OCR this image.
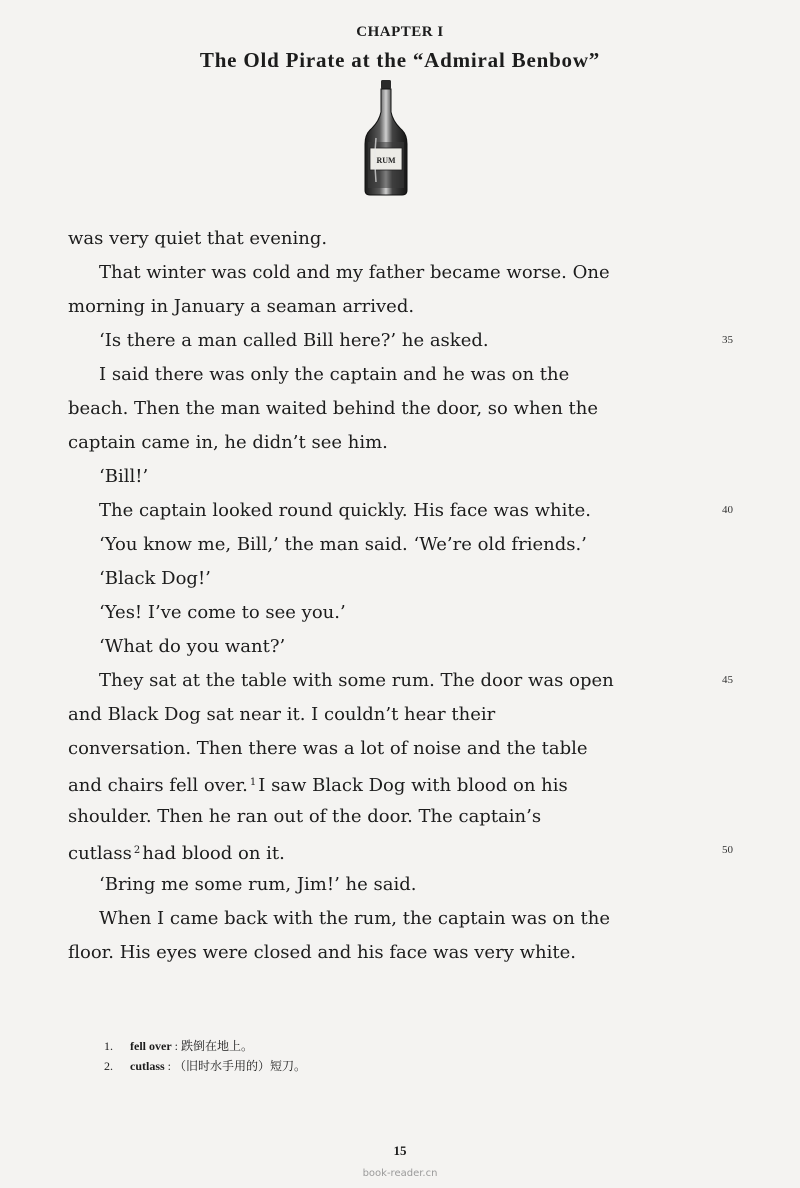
CHAPTER I
The Old Pirate at the “Admiral Benbow”
RUM
was very quiet that evening.
That winter was cold and my father became worse. One
morning in January a seaman arrived.
‘Is there a man called Bill here?’ he asked.
I said there was only the captain and he was on the
beach. Then the man waited behind the door, so when the
captain came in, he didn’t see him.
‘Bill!’
The captain looked round quickly. His face was white.
‘You know me, Bill,’ the man said. ‘We’re old friends.’
‘Black Dog!’
‘Yes! I’ve come to see you.’
‘What do you want?’
They sat at the table with some rum. The door was open
and Black Dog sat near it. I couldn’t hear their
conversation. Then there was a lot of noise and the table
and chairs fell over. $^1$ I saw Black Dog with blood on his
shoulder. Then he ran out of the door. The captain’s
cutlass $^2$ had blood on it.
‘Bring me some rum, Jim!’ he said.
When I came back with the rum, the captain was on the
floor. His eyes were closed and his face was very white.
35
40
45
50
1. fell over : 跌倒在地上。
2. cutlass : （旧时水手用的）短刀。
15
book-reader.cn
